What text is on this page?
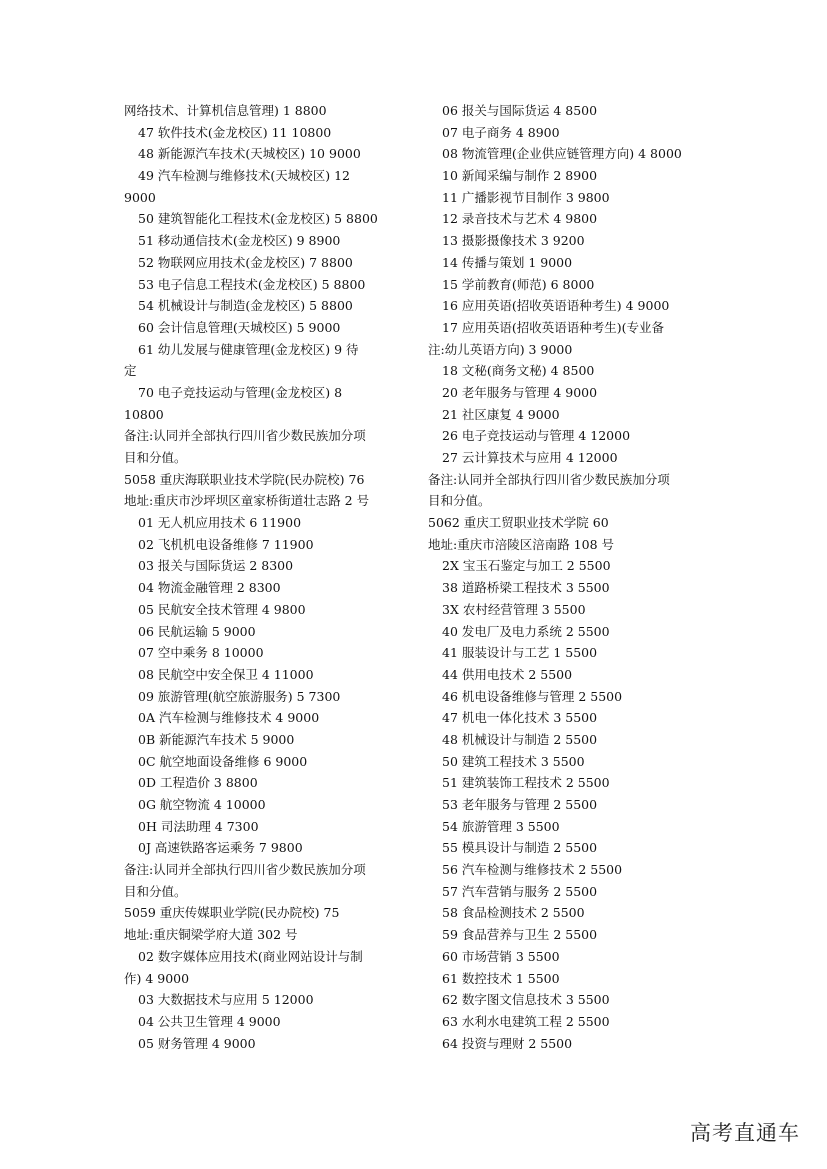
网络技术、计算机信息管理) 1 8800
47 软件技术(金龙校区) 11 10800
48 新能源汽车技术(天城校区) 10 9000
49 汽车检测与维修技术(天城校区) 12
9000
50 建筑智能化工程技术(金龙校区) 5 8800
51 移动通信技术(金龙校区) 9 8900
52 物联网应用技术(金龙校区) 7 8800
53 电子信息工程技术(金龙校区) 5 8800
54 机械设计与制造(金龙校区) 5 8800
60 会计信息管理(天城校区) 5 9000
61 幼儿发展与健康管理(金龙校区) 9 待
定
70 电子竞技运动与管理(金龙校区) 8
10800
备注:认同并全部执行四川省少数民族加分项
目和分值。
5058 重庆海联职业技术学院(民办院校) 76
地址:重庆市沙坪坝区童家桥街道壮志路 2 号
01 无人机应用技术 6 11900
02 飞机机电设备维修 7 11900
03 报关与国际货运 2 8300
04 物流金融管理 2 8300
05 民航安全技术管理 4 9800
06 民航运输 5 9000
07 空中乘务 8 10000
08 民航空中安全保卫 4 11000
09 旅游管理(航空旅游服务) 5 7300
0A 汽车检测与维修技术 4 9000
0B 新能源汽车技术 5 9000
0C 航空地面设备维修 6 9000
0D 工程造价 3 8800
0G 航空物流 4 10000
0H 司法助理 4 7300
0J 高速铁路客运乘务 7 9800
备注:认同并全部执行四川省少数民族加分项
目和分值。
5059 重庆传媒职业学院(民办院校) 75
地址:重庆铜梁学府大道 302 号
02 数字媒体应用技术(商业网站设计与制
作) 4 9000
03 大数据技术与应用 5 12000
04 公共卫生管理 4 9000
05 财务管理 4 9000
06 报关与国际货运 4 8500
07 电子商务 4 8900
08 物流管理(企业供应链管理方向) 4 8000
10 新闻采编与制作 2 8900
11 广播影视节目制作 3 9800
12 录音技术与艺术 4 9800
13 摄影摄像技术 3 9200
14 传播与策划 1 9000
15 学前教育(师范) 6 8000
16 应用英语(招收英语语种考生) 4 9000
17 应用英语(招收英语语种考生)(专业备
注:幼儿英语方向) 3 9000
18 文秘(商务文秘) 4 8500
20 老年服务与管理 4 9000
21 社区康复 4 9000
26 电子竞技运动与管理 4 12000
27 云计算技术与应用 4 12000
备注:认同并全部执行四川省少数民族加分项
目和分值。
5062 重庆工贸职业技术学院 60
地址:重庆市涪陵区涪南路 108 号
2X 宝玉石鉴定与加工 2 5500
38 道路桥梁工程技术 3 5500
3X 农村经营管理 3 5500
40 发电厂及电力系统 2 5500
41 服装设计与工艺 1 5500
44 供用电技术 2 5500
46 机电设备维修与管理 2 5500
47 机电一体化技术 3 5500
48 机械设计与制造 2 5500
50 建筑工程技术 3 5500
51 建筑装饰工程技术 2 5500
53 老年服务与管理 2 5500
54 旅游管理 3 5500
55 模具设计与制造 2 5500
56 汽车检测与维修技术 2 5500
57 汽车营销与服务 2 5500
58 食品检测技术 2 5500
59 食品营养与卫生 2 5500
60 市场营销 3 5500
61 数控技术 1 5500
62 数字图文信息技术 3 5500
63 水利水电建筑工程 2 5500
64 投资与理财 2 5500
高考直通车
